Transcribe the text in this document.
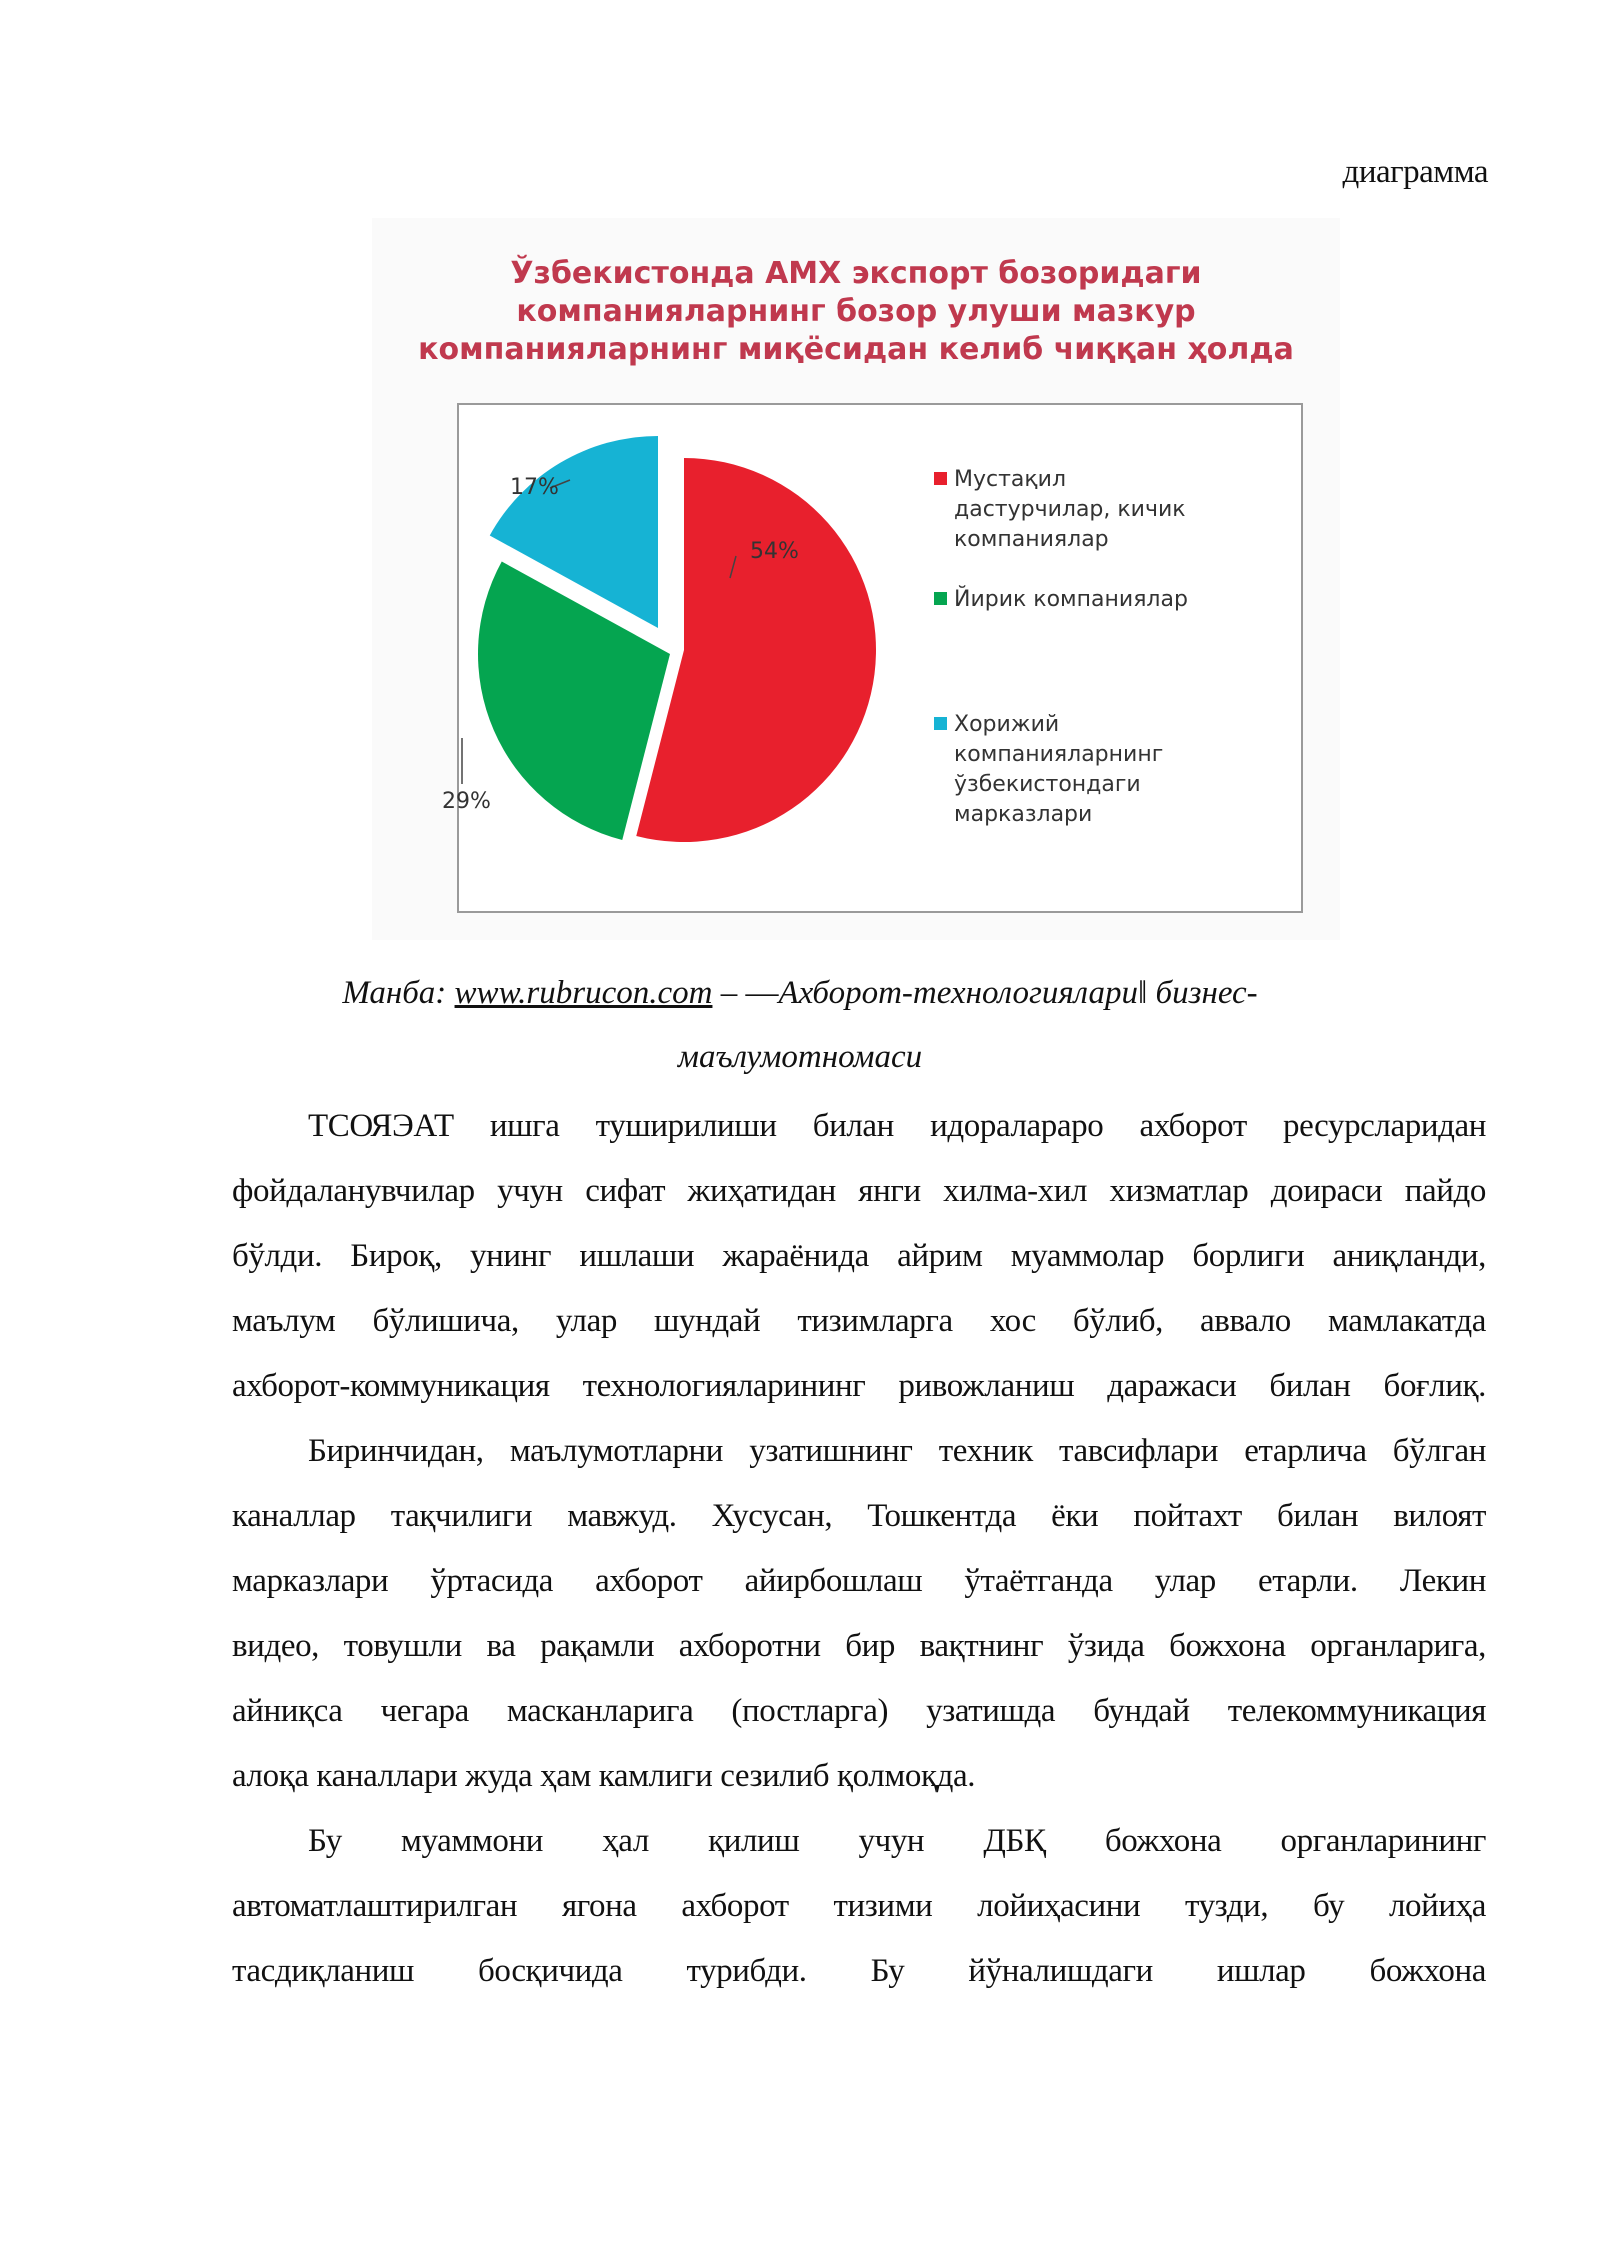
диаграмма
Ўзбекистонда АМХ экспорт бозоридаги
компанияларнинг бозор улуши мазкур
компанияларнинг миқёсидан келиб чиққан ҳолда
54%
29%
17%	Мустақил
дастурчилар, кичик
компаниялар
Йирик компаниялар
Хорижий
компанияларнинг
ўзбекистондаги
марказлари
Манба: www.rubrucon.com – ―Ахборот-технологиялари‖ бизнес-
маълумотномаси
ТСОЯЭАТ ишга туширилиши билан идоралараро ахборот ресурсларидан
фойдаланувчилар учун сифат жиҳатидан янги хилма-хил хизматлар доираси пайдо
бўлди. Бироқ, унинг ишлаши жараёнида айрим муаммолар борлиги аниқланди,
маълум бўлишича, улар шундай тизимларга хос бўлиб, аввало мамлакатда
ахборот-коммуникация технологияларининг ривожланиш даражаси билан боғлиқ.
Биринчидан, маълумотларни узатишнинг техник тавсифлари етарлича бўлган
каналлар тақчилиги мавжуд. Хусусан, Тошкентда ёки пойтахт билан вилоят
марказлари ўртасида ахборот айирбошлаш ўтаётганда улар етарли. Лекин
видео, товушли ва рақамли ахборотни бир вақтнинг ўзида божхона органларига,
айниқса чегара масканларига (постларга) узатишда бундай телекоммуникация
алоқа каналлари жуда ҳам камлиги сезилиб қолмоқда.
Бу муаммони ҳал қилиш учун ДБҚ божхона органларининг
автоматлаштирилган ягона ахборот тизими лойиҳасини тузди, бу лойиҳа
тасдиқланиш босқичида турибди. Бу йўналишдаги ишлар божхона
